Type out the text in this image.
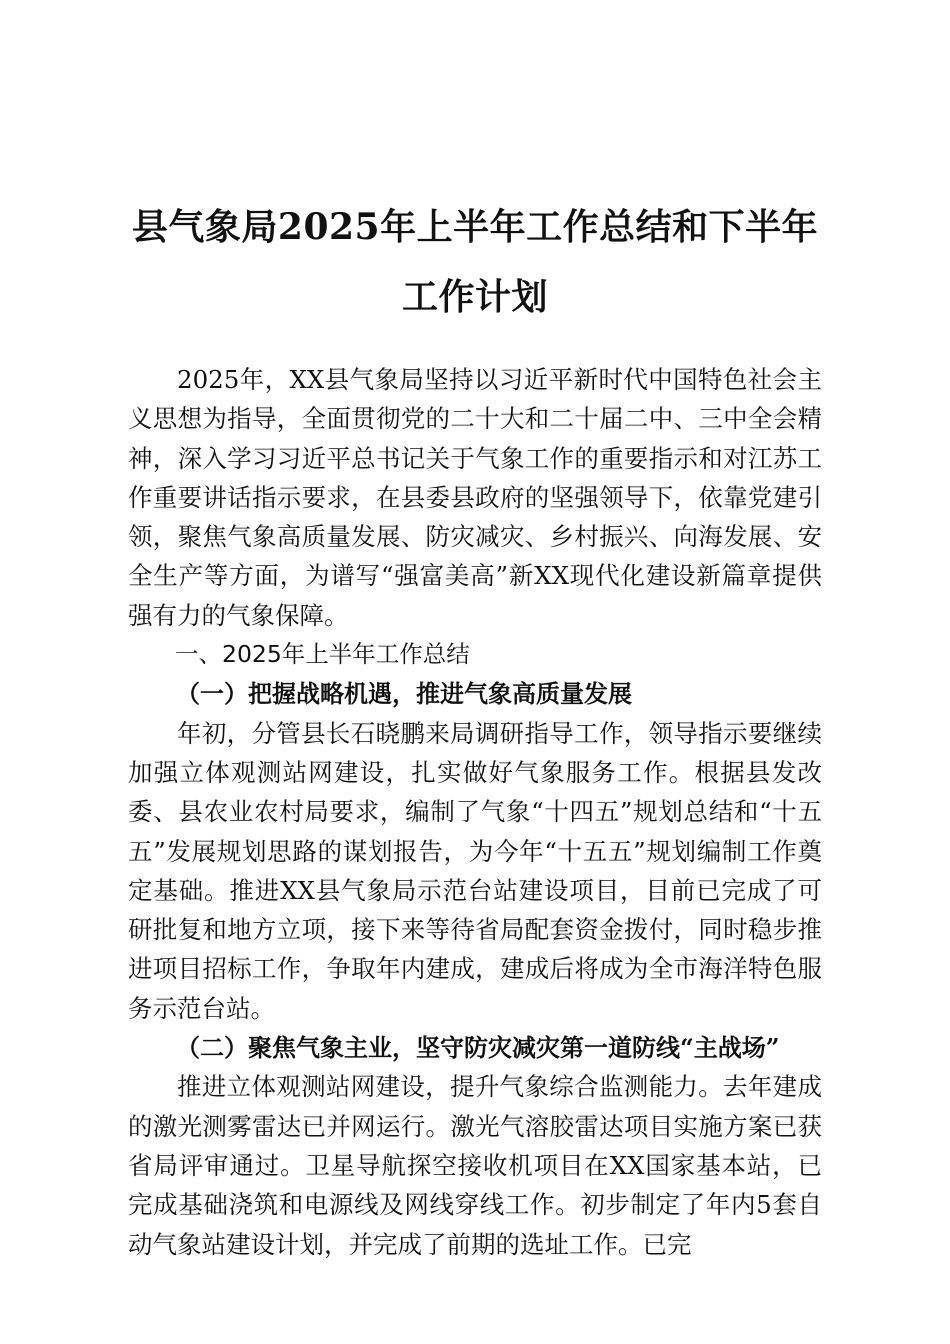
县气象局2025年上半年工作总结和下半年工作计划

2025年，XX县气象局坚持以习近平新时代中国特色社会主义思想为指导，全面贯彻党的二十大和二十届二中、三中全会精神，深入学习习近平总书记关于气象工作的重要指示和对江苏工作重要讲话指示要求，在县委县政府的坚强领导下，依靠党建引领，聚焦气象高质量发展、防灾减灾、乡村振兴、向海发展、安全生产等方面，为谱写“强富美高”新XX现代化建设新篇章提供强有力的气象保障。

一、2025年上半年工作总结
（一）把握战略机遇，推进气象高质量发展

年初，分管县长石晓鹏来局调研指导工作，领导指示要继续加强立体观测站网建设，扎实做好气象服务工作。根据县发改委、县农业农村局要求，编制了气象“十四五”规划总结和“十五五”发展规划思路的谋划报告，为今年“十五五”规划编制工作奠定基础。推进XX县气象局示范台站建设项目，目前已完成了可研批复和地方立项，接下来等待省局配套资金拨付，同时稳步推进项目招标工作，争取年内建成，建成后将成为全市海洋特色服务示范台站。

（二）聚焦气象主业，坚守防灾减灾第一道防线“主战场”

推进立体观测站网建设，提升气象综合监测能力。去年建成的激光测雾雷达已并网运行。激光气溶胶雷达项目实施方案已获省局评审通过。卫星导航探空接收机项目在XX国家基本站，已完成基础浇筑和电源线及网线穿线工作。初步制定了年内5套自动气象站建设计划，并完成了前期的选址工作。已完
